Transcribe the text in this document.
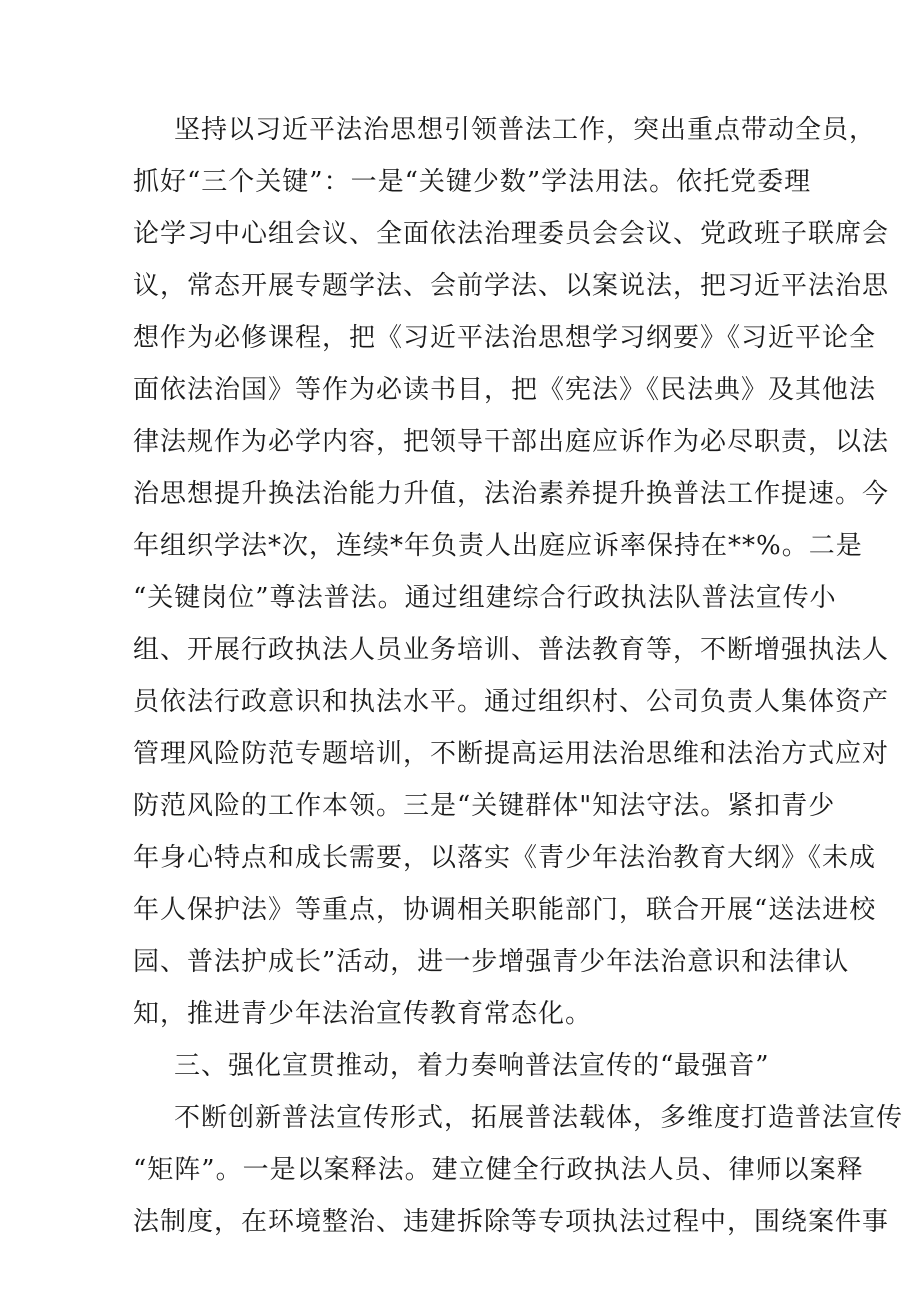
坚持以习近平法治思想引领普法工作，突出重点带动全员，
抓好“三个关键”：一是“关键少数”学法用法。依托党委理
论学习中心组会议、全面依法治理委员会会议、党政班子联席会
议，常态开展专题学法、会前学法、以案说法，把习近平法治思
想作为必修课程，把《习近平法治思想学习纲要》《习近平论全
面依法治国》等作为必读书目，把《宪法》《民法典》及其他法
律法规作为必学内容，把领导干部出庭应诉作为必尽职责，以法
治思想提升换法治能力升值，法治素养提升换普法工作提速。今
年组织学法*次，连续*年负责人出庭应诉率保持在**%。二是
“关键岗位”尊法普法。通过组建综合行政执法队普法宣传小
组、开展行政执法人员业务培训、普法教育等，不断增强执法人
员依法行政意识和执法水平。通过组织村、公司负责人集体资产
管理风险防范专题培训，不断提高运用法治思维和法治方式应对
防范风险的工作本领。三是“关键群体"知法守法。紧扣青少
年身心特点和成长需要，以落实《青少年法治教育大纲》《未成
年人保护法》等重点，协调相关职能部门，联合开展“送法进校
园、普法护成长”活动，进一步增强青少年法治意识和法律认
知，推进青少年法治宣传教育常态化。
三、强化宣贯推动，着力奏响普法宣传的“最强音”
不断创新普法宣传形式，拓展普法载体，多维度打造普法宣传
“矩阵”。一是以案释法。建立健全行政执法人员、律师以案释
法制度，在环境整治、违建拆除等专项执法过程中，围绕案件事
